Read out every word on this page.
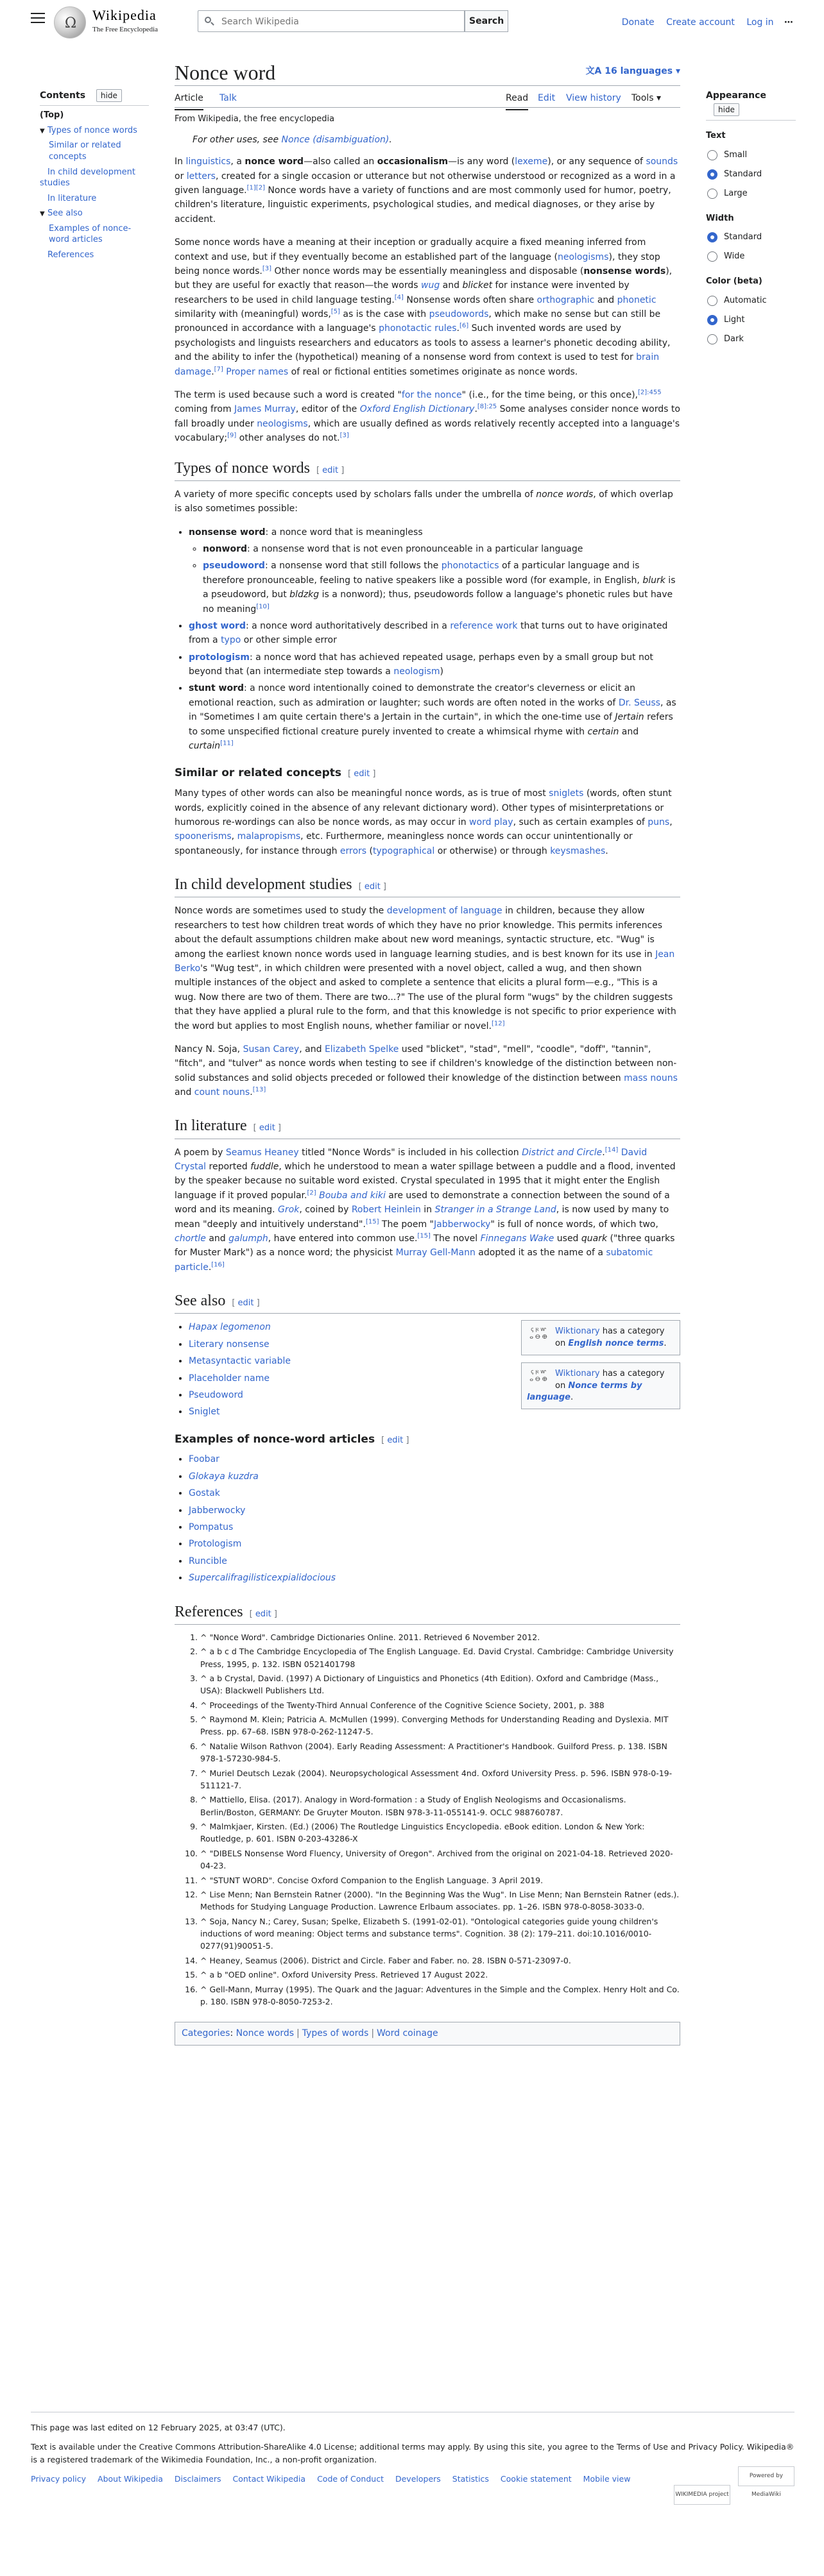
Ω
Wikipedia
The Free Encyclopedia
Search Wikipedia
Search	Donate Create account Log in ⋯
Contents hide
(Top)
▼ Types of nonce words
Similar or related concepts
In child development studies
In literature
▼ See also
Examples of nonce-word articles
References
Appearance hide
Text
Small
Standard
Large
Width
Standard
Wide
Color (beta)
Automatic
Light
Dark
Nonce word	文A 16 languages ▾
Article Talk	Read Edit View history Tools ▾
From Wikipedia, the free encyclopedia
For other uses, see Nonce (disambiguation).

In linguistics, a nonce word—also called an occasionalism—is any word (lexeme), or any sequence of sounds or letters, created for a single occasion or utterance but not otherwise understood or recognized as a word in a given language.[1][2] Nonce words have a variety of functions and are most commonly used for humor, poetry, children's literature, linguistic experiments, psychological studies, and medical diagnoses, or they arise by accident.

Some nonce words have a meaning at their inception or gradually acquire a fixed meaning inferred from context and use, but if they eventually become an established part of the language (neologisms), they stop being nonce words.[3] Other nonce words may be essentially meaningless and disposable (nonsense words), but they are useful for exactly that reason—the words wug and blicket for instance were invented by researchers to be used in child language testing.[4] Nonsense words often share orthographic and phonetic similarity with (meaningful) words,[5] as is the case with pseudowords, which make no sense but can still be pronounced in accordance with a language's phonotactic rules.[6] Such invented words are used by psychologists and linguists researchers and educators as tools to assess a learner's phonetic decoding ability, and the ability to infer the (hypothetical) meaning of a nonsense word from context is used to test for brain damage.[7] Proper names of real or fictional entities sometimes originate as nonce words.

The term is used because such a word is created "for the nonce" (i.e., for the time being, or this once),$^{[2]:455}$ coming from James Murray, editor of the Oxford English Dictionary.$^{[8]:25}$ Some analyses consider nonce words to fall broadly under neologisms, which are usually defined as words relatively recently accepted into a language's vocabulary;[9] other analyses do not.[3]

Types of nonce words [ edit ]

A variety of more specific concepts used by scholars falls under the umbrella of nonce words, of which overlap is also sometimes possible:

• nonsense word: a nonce word that is meaningless
◦ nonword: a nonsense word that is not even pronounceable in a particular language
◦ pseudoword: a nonsense word that still follows the phonotactics of a particular language and is therefore pronounceable, feeling to native speakers like a possible word (for example, in English, blurk is a pseudoword, but bldzkg is a nonword); thus, pseudowords follow a language's phonetic rules but have no meaning[10]
• ghost word: a nonce word authoritatively described in a reference work that turns out to have originated from a typo or other simple error
• protologism: a nonce word that has achieved repeated usage, perhaps even by a small group but not beyond that (an intermediate step towards a neologism)
• stunt word: a nonce word intentionally coined to demonstrate the creator's cleverness or elicit an emotional reaction, such as admiration or laughter; such words are often noted in the works of Dr. Seuss, as in "Sometimes I am quite certain there's a Jertain in the curtain", in which the one-time use of Jertain refers to some unspecified fictional creature purely invented to create a whimsical rhyme with certain and curtain[11]
Similar or related concepts [ edit ]

Many types of other words can also be meaningful nonce words, as is true of most sniglets (words, often stunt words, explicitly coined in the absence of any relevant dictionary word). Other types of misinterpretations or humorous re-wordings can also be nonce words, as may occur in word play, such as certain examples of puns, spoonerisms, malapropisms, etc. Furthermore, meaningless nonce words can occur unintentionally or spontaneously, for instance through errors (typographical or otherwise) or through keysmashes.

In child development studies [ edit ]

Nonce words are sometimes used to study the development of language in children, because they allow researchers to test how children treat words of which they have no prior knowledge. This permits inferences about the default assumptions children make about new word meanings, syntactic structure, etc. "Wug" is among the earliest known nonce words used in language learning studies, and is best known for its use in Jean Berko's "Wug test", in which children were presented with a novel object, called a wug, and then shown multiple instances of the object and asked to complete a sentence that elicits a plural form—e.g., "This is a wug. Now there are two of them. There are two...?" The use of the plural form "wugs" by the children suggests that they have applied a plural rule to the form, and that this knowledge is not specific to prior experience with the word but applies to most English nouns, whether familiar or novel.[12]

Nancy N. Soja, Susan Carey, and Elizabeth Spelke used "blicket", "stad", "mell", "coodle", "doff", "tannin", "fitch", and "tulver" as nonce words when testing to see if children's knowledge of the distinction between non-solid substances and solid objects preceded or followed their knowledge of the distinction between mass nouns and count nouns.[13]

In literature [ edit ]

A poem by Seamus Heaney titled "Nonce Words" is included in his collection District and Circle.[14] David Crystal reported fuddle, which he understood to mean a water spillage between a puddle and a flood, invented by the speaker because no suitable word existed. Crystal speculated in 1995 that it might enter the English language if it proved popular.[2] Bouba and kiki are used to demonstrate a connection between the sound of a word and its meaning. Grok, coined by Robert Heinlein in Stranger in a Strange Land, is now used by many to mean "deeply and intuitively understand".[15] The poem "Jabberwocky" is full of nonce words, of which two, chortle and galumph, have entered into common use.[15] The novel Finnegans Wake used quark ("three quarks for Muster Mark") as a nonce word; the physicist Murray Gell-Mann adopted it as the name of a subatomic particle.[16]

See also [ edit ]
ꞔ 𐍂 ⱳ
ⴰ ⴱ ⴲ
Wiktionary has a category on English nonce terms.
ꞔ 𐍂 ⱳ
ⴰ ⴱ ⴲ
Wiktionary has a category on Nonce terms by language.
• Hapax legomenon
• Literary nonsense
• Metasyntactic variable
• Placeholder name
• Pseudoword
• Sniglet
Examples of nonce-word articles [ edit ]
• Foobar
• Glokaya kuzdra
• Gostak
• Jabberwocky
• Pompatus
• Protologism
• Runcible
• Supercalifragilisticexpialidocious
References [ edit ]
1. ^ "Nonce Word". Cambridge Dictionaries Online. 2011. Retrieved 6 November 2012.
2. ^ a b c d The Cambridge Encyclopedia of The English Language. Ed. David Crystal. Cambridge: Cambridge University Press, 1995, p. 132. ISBN 0521401798
3. ^ a b Crystal, David. (1997) A Dictionary of Linguistics and Phonetics (4th Edition). Oxford and Cambridge (Mass., USA): Blackwell Publishers Ltd.
4. ^ Proceedings of the Twenty-Third Annual Conference of the Cognitive Science Society, 2001, p. 388
5. ^ Raymond M. Klein; Patricia A. McMullen (1999). Converging Methods for Understanding Reading and Dyslexia. MIT Press. pp. 67–68. ISBN 978-0-262-11247-5.
6. ^ Natalie Wilson Rathvon (2004). Early Reading Assessment: A Practitioner's Handbook. Guilford Press. p. 138. ISBN 978-1-57230-984-5.
7. ^ Muriel Deutsch Lezak (2004). Neuropsychological Assessment 4nd. Oxford University Press. p. 596. ISBN 978-0-19-511121-7.
8. ^ Mattiello, Elisa. (2017). Analogy in Word-formation : a Study of English Neologisms and Occasionalisms. Berlin/Boston, GERMANY: De Gruyter Mouton. ISBN 978-3-11-055141-9. OCLC 988760787.
9. ^ Malmkjaer, Kirsten. (Ed.) (2006) The Routledge Linguistics Encyclopedia. eBook edition. London & New York: Routledge, p. 601. ISBN 0-203-43286-X
10. ^ "DIBELS Nonsense Word Fluency, University of Oregon". Archived from the original on 2021-04-18. Retrieved 2020-04-23.
11. ^ "STUNT WORD". Concise Oxford Companion to the English Language. 3 April 2019.
12. ^ Lise Menn; Nan Bernstein Ratner (2000). "In the Beginning Was the Wug". In Lise Menn; Nan Bernstein Ratner (eds.). Methods for Studying Language Production. Lawrence Erlbaum associates. pp. 1–26. ISBN 978-0-8058-3033-0.
13. ^ Soja, Nancy N.; Carey, Susan; Spelke, Elizabeth S. (1991-02-01). "Ontological categories guide young children's inductions of word meaning: Object terms and substance terms". Cognition. 38 (2): 179–211. doi:10.1016/0010-0277(91)90051-5.
14. ^ Heaney, Seamus (2006). District and Circle. Faber and Faber. no. 28. ISBN 0-571-23097-0.
15. ^ a b "OED online". Oxford University Press. Retrieved 17 August 2022.
16. ^ Gell-Mann, Murray (1995). The Quark and the Jaguar: Adventures in the Simple and the Complex. Henry Holt and Co. p. 180. ISBN 978-0-8050-7253-2.
Categories: Nonce words | Types of words | Word coinage

This page was last edited on 12 February 2025, at 03:47 (UTC).

Text is available under the Creative Commons Attribution-ShareAlike 4.0 License; additional terms may apply. By using this site, you agree to the Terms of Use and Privacy Policy. Wikipedia® is a registered trademark of the Wikimedia Foundation, Inc., a non-profit organization.

Privacy policy About Wikipedia Disclaimers Contact Wikipedia Code of Conduct Developers Statistics Cookie statement Mobile view
WIKIMEDIA project Powered by MediaWiki
